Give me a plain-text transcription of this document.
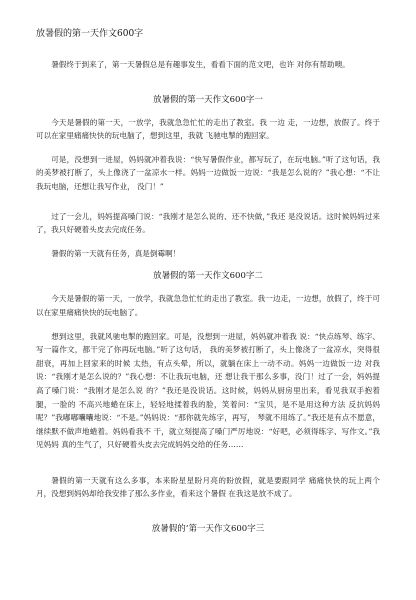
放暑假的第一天作文600字

暑假终于到来了，第一天暑假总是有趣事发生，看看下面的范文吧，也许 对你有帮助噢。

放暑假的第一天作文600字一

今天是暑假的第一天，一放学，我就急急忙忙的走出了教室。我 一边 走，一边想，放假了。终于可以在家里痛痛快快的玩电脑了，想到这里，我就 飞驰电掣的跑回家。

可是，没想到一进屋，妈妈就冲着我说：“快写暑假作业，都写玩了，在玩电脑。”听了这句话，我的美梦被打断了，头上像浇了一盆凉水一样。妈妈一边做饭一边说：“我是怎么说的？”我心想：“不让我玩电脑，还想让我写作业， 没门！”

过了一会儿，妈妈提高嗓门说：“我刚才是怎么说的、还不快做，”我还 是没说话。这时候妈妈过来了，我只好硬着头皮去完成任务。

暑假的第一天就有任务，真是倒霉啊！

放暑假的第一天作文600字二

今天是暑假的第一天，一放学，我就急急忙忙的走出了教室。我一边走，一边想，放假了，终于可以在家里痛痛快快的玩电脑了。

想到这里，我就风驰电掣的跑回家。可是，没想到一进屋，妈妈就冲着我 说：“快点练琴、练字、写一篇作文，都干完了你再玩电脑。”听了这句话， 我的美梦被打断了，头上像浇了一盆凉水，突得很甜衰，再加上回家来的时候 太热，有点头晕，所以，就躺在床上一动不动。妈妈一边做饭一边 对我说：“我刚才是怎么说的？”我心想：不让我玩电脑，还 想让我干那么多事，没门！过了一会，妈妈提高了嗓门说：“我刚才是怎么说 的？”我还是没说话。这时候，妈妈从厨房里出来，看见我双手抱着腿，一脸的 不高兴地蜷在床上，轻轻地揉着我的脸，笑着问：“宝贝，是不是用这种方法 反抗妈妈呢？”我嘟嘟囔囔地说：“不是。”妈妈说：“那你就先练字，再写， 琴就不用练了。”我还是有点不愿意，继续默不做声地蜷着。妈妈看我不 干，就立刻提高了嗓门严厉地说：“好吧，必须得练字、写作文。”我见妈妈 真的生气了，只好硬着头皮去完成妈妈交给的任务……

暑假的第一天就有这么多事，本来盼星星盼月亮的盼放假，就是要跟同学 痛痛快快的玩上两个月，没想到妈妈却给我安排了那么多作业，看来这个暑假 在我这是放不成了。

放暑假的‘第一天作文600字三
